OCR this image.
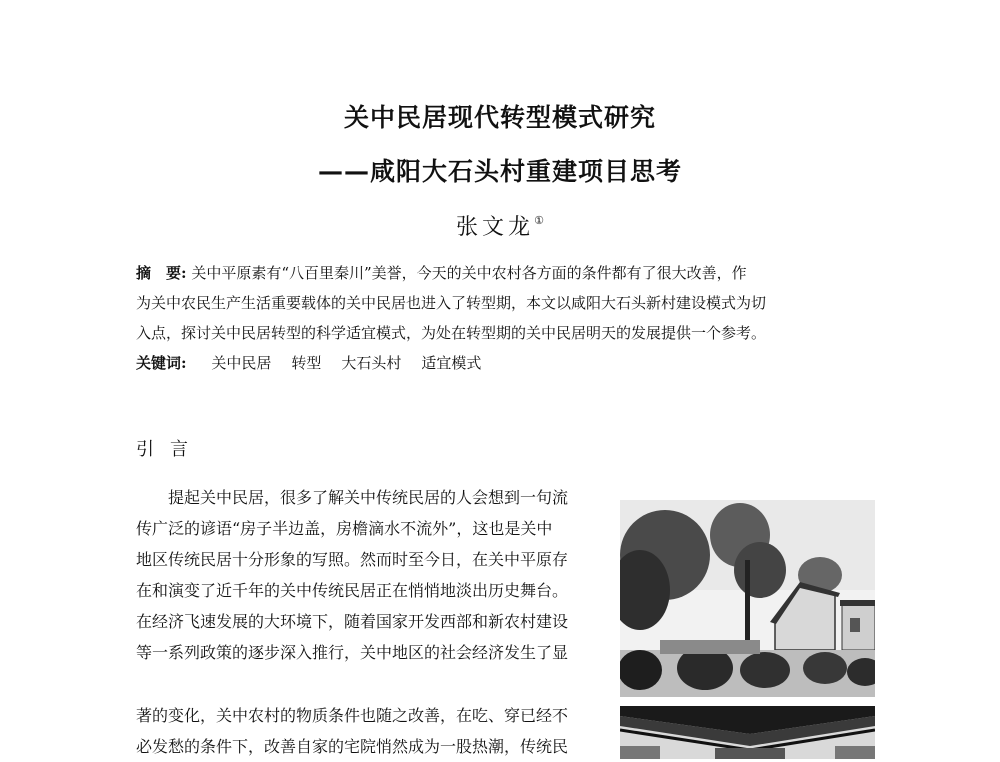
关中民居现代转型模式研究
——咸阳大石头村重建项目思考
张文龙①

摘　要: 关中平原素有“八百里秦川”美誉，今天的关中农村各方面的条件都有了很大改善，作

为关中农民生产生活重要载体的关中民居也进入了转型期，本文以咸阳大石头新村建设模式为切

入点，探讨关中民居转型的科学适宜模式，为处在转型期的关中民居明天的发展提供一个参考。

关键词: 关中民居 转型 大石头村 适宜模式

引言

提起关中民居，很多了解关中传统民居的人会想到一句流

传广泛的谚语“房子半边盖，房檐滴水不流外”，这也是关中
地区传统民居十分形象的写照。然而时至今日，在关中平原存
在和演变了近千年的关中传统民居正在悄悄地淡出历史舞台。
在经济飞速发展的大环境下，随着国家开发西部和新农村建设
等一系列政策的逐步深入推行，关中地区的社会经济发生了显
著的变化，关中农村的物质条件也随之改善，在吃、穿已经不
必发愁的条件下，改善自家的宅院悄然成为一股热潮，传统民
